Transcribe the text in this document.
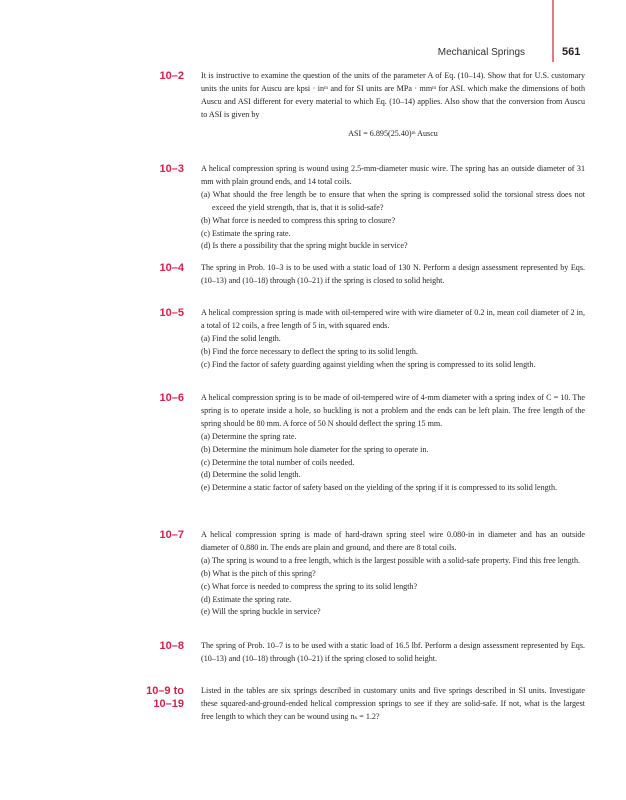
Mechanical Springs	561
10–2 It is instructive to examine the question of the units of the parameter A of Eq. (10–14). Show that for U.S. customary units the units for Auscu are kpsi · inᵐ and for SI units are MPa · mmᵐ for ASI. which make the dimensions of both Auscu and ASI different for every material to which Eq. (10–14) applies. Also show that the conversion from Auscu to ASI is given by

ASI = 6.895(25.40)ᵐ Auscu
10–3 A helical compression spring is wound using 2.5-mm-diameter music wire. The spring has an outside diameter of 31 mm with plain ground ends, and 14 total coils.

(a) What should the free length be to ensure that when the spring is compressed solid the torsional stress does not exceed the yield strength, that is, that it is solid-safe?

(b) What force is needed to compress this spring to closure?

(c) Estimate the spring rate.

(d) Is there a possibility that the spring might buckle in service?

10–4 The spring in Prob. 10–3 is to be used with a static load of 130 N. Perform a design assessment represented by Eqs. (10–13) and (10–18) through (10–21) if the spring is closed to solid height.

10–5 A helical compression spring is made with oil-tempered wire with wire diameter of 0.2 in, mean coil diameter of 2 in, a total of 12 coils, a free length of 5 in, with squared ends.

(a) Find the solid length.

(b) Find the force necessary to deflect the spring to its solid length.

(c) Find the factor of safety guarding against yielding when the spring is compressed to its solid length.

10–6 A helical compression spring is to be made of oil-tempered wire of 4-mm diameter with a spring index of C = 10. The spring is to operate inside a hole, so buckling is not a problem and the ends can be left plain. The free length of the spring should be 80 mm. A force of 50 N should deflect the spring 15 mm.

(a) Determine the spring rate.

(b) Determine the minimum hole diameter for the spring to operate in.

(c) Determine the total number of coils needed.

(d) Determine the solid length.

(e) Determine a static factor of safety based on the yielding of the spring if it is compressed to its solid length.

10–7 A helical compression spring is made of hard-drawn spring steel wire 0.080-in in diameter and has an outside diameter of 0.880 in. The ends are plain and ground, and there are 8 total coils.

(a) The spring is wound to a free length, which is the largest possible with a solid-safe property. Find this free length.

(b) What is the pitch of this spring?

(c) What force is needed to compress the spring to its solid length?

(d) Estimate the spring rate.

(e) Will the spring buckle in service?

10–8 The spring of Prob. 10–7 is to be used with a static load of 16.5 lbf. Perform a design assessment represented by Eqs. (10–13) and (10–18) through (10–21) if the spring closed to solid height.

10–9 to
10–19

Listed in the tables are six springs described in customary units and five springs described in SI units. Investigate these squared-and-ground-ended helical compression springs to see if they are solid-safe. If not, what is the largest free length to which they can be wound using nₛ = 1.2?
